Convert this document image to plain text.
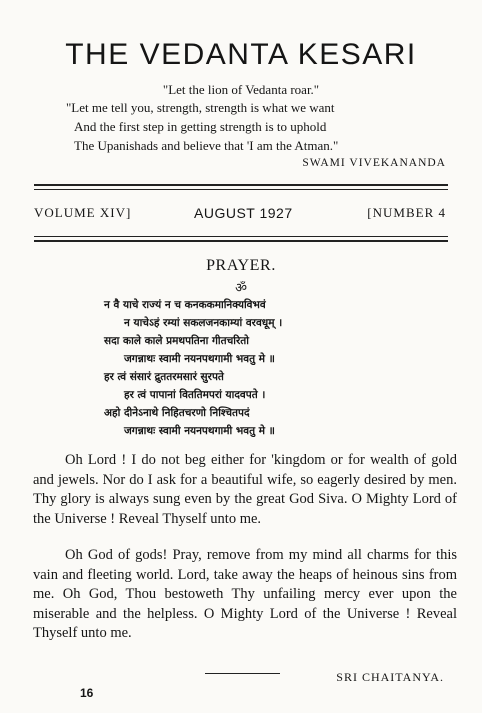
THE VEDANTA KESARI
"Let the lion of Vedanta roar."
"Let me tell you, strength, strength is what we want
And the first step in getting strength is to uphold
The Upanishads and believe that 'I am the Atman."
SWAMI VIVEKANANDA
VOLUME XIV]	AUGUST 1927	[NUMBER 4
PRAYER.
ॐ
न वै याचे राज्यं न च कनककमानिक्यविभवं
न याचेऽहं रम्यां सकलजनकाम्यां वरवधूम् ।
सदा काले काले प्रमथपतिना गीतचरितो
जगन्नाथः स्वामी नयनपथगामी भवतु मे ॥
हर त्वं संसारं द्रुततरमसारं सुरपते
हर त्वं पापानां विततिमपरां यादवपते ।
अहो दीनेऽनाथे निहितचरणो निश्चितपदं
जगन्नाथः स्वामी नयनपथगामी भवतु मे ॥

Oh Lord ! I do not beg either for 'kingdom or for wealth of gold and jewels. Nor do I ask for a beautiful wife, so eagerly desired by men. Thy glory is always sung even by the great God Siva. O Mighty Lord of the Universe ! Reveal Thyself unto me.

Oh God of gods! Pray, remove from my mind all charms for this vain and fleeting world. Lord, take away the heaps of heinous sins from me. Oh God, Thou bestoweth Thy unfailing mercy ever upon the miserable and the helpless. O Mighty Lord of the Universe ! Reveal Thyself unto me.

SRI CHAITANYA.
16
